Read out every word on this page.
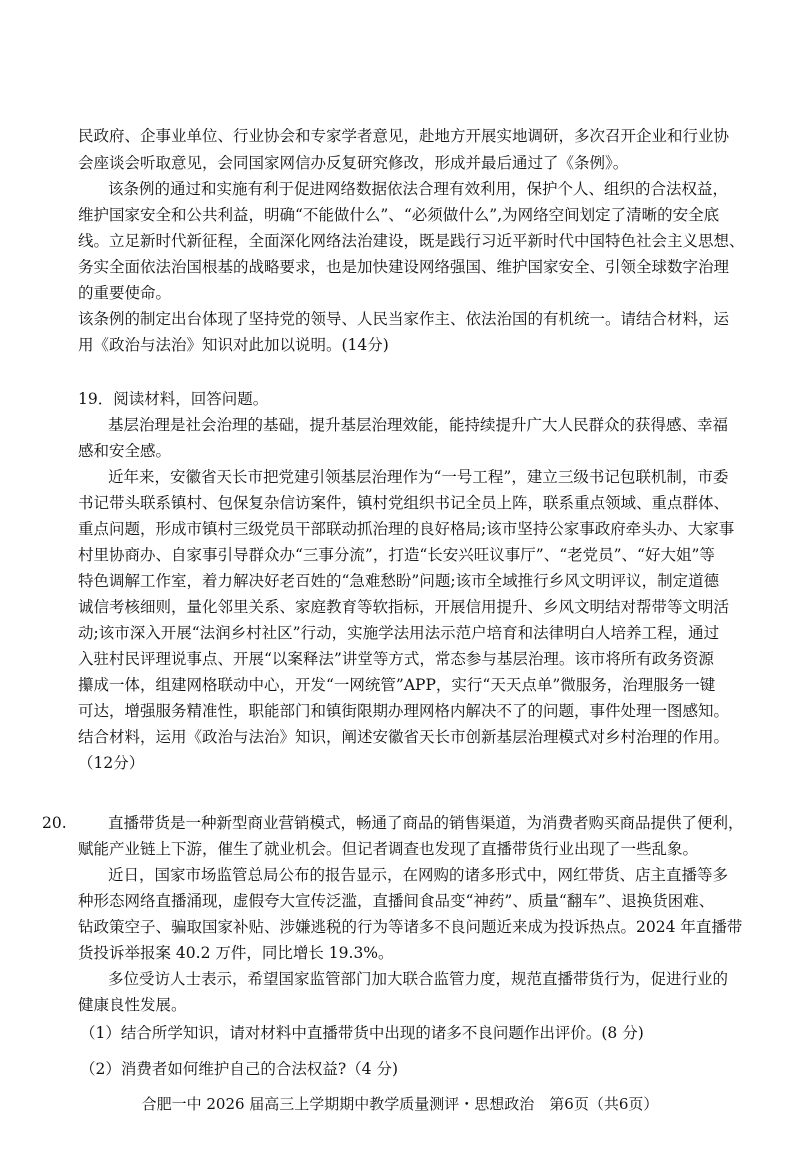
民政府、企事业单位、行业协会和专家学者意见，赴地方开展实地调研，多次召开企业和行业协
会座谈会听取意见，会同国家网信办反复研究修改，形成并最后通过了《条例》。
该条例的通过和实施有利于促进网络数据依法合理有效利用，保护个人、组织的合法权益，
维护国家安全和公共利益，明确“不能做什么”、“必须做什么”,为网络空间划定了清晰的安全底
线。立足新时代新征程，全面深化网络法治建设，既是践行习近平新时代中国特色社会主义思想、
务实全面依法治国根基的战略要求，也是加快建设网络强国、维护国家安全、引领全球数字治理
的重要使命。
该条例的制定出台体现了坚持党的领导、人民当家作主、依法治国的有机统一。请结合材料，运
用《政治与法治》知识对此加以说明。(14分)
19．阅读材料，回答问题。
基层治理是社会治理的基础，提升基层治理效能，能持续提升广大人民群众的获得感、幸福
感和安全感。
近年来，安徽省天长市把党建引领基层治理作为“一号工程”，建立三级书记包联机制，市委
书记带头联系镇村、包保复杂信访案件，镇村党组织书记全员上阵，联系重点领域、重点群体、
重点问题，形成市镇村三级党员干部联动抓治理的良好格局;该市坚持公家事政府牵头办、大家事
村里协商办、自家事引导群众办“三事分流”，打造“长安兴旺议事厅”、“老党员”、“好大姐”等
特色调解工作室，着力解决好老百姓的“急难愁盼”问题;该市全域推行乡风文明评议，制定道德
诚信考核细则，量化邻里关系、家庭教育等软指标，开展信用提升、乡风文明结对帮带等文明活
动;该市深入开展“法润乡村社区”行动，实施学法用法示范户培育和法律明白人培养工程，通过
入驻村民评理说事点、开展“以案释法”讲堂等方式，常态参与基层治理。该市将所有政务资源
攥成一体，组建网格联动中心，开发“一网统管”APP，实行“天天点单”微服务，治理服务一键
可达，增强服务精准性，职能部门和镇街限期办理网格内解决不了的问题，事件处理一图感知。
结合材料，运用《政治与法治》知识，阐述安徽省天长市创新基层治理模式对乡村治理的作用。
（12分）
20.	直播带货是一种新型商业营销模式，畅通了商品的销售渠道，为消费者购买商品提供了便利，
赋能产业链上下游，催生了就业机会。但记者调查也发现了直播带货行业出现了一些乱象。
近日，国家市场监管总局公布的报告显示，在网购的诸多形式中，网红带货、店主直播等多
种形态网络直播涌现，虚假夸大宣传泛滥，直播间食品变“神药”、质量“翻车”、退换货困难、
钻政策空子、骗取国家补贴、涉嫌逃税的行为等诸多不良问题近来成为投诉热点。2024 年直播带
货投诉举报案 40.2 万件，同比增长 19.3%。
多位受访人士表示，希望国家监管部门加大联合监管力度，规范直播带货行为，促进行业的
健康良性发展。
（1）结合所学知识，请对材料中直播带货中出现的诸多不良问题作出评价。(8 分)
（2）消费者如何维护自己的合法权益?（4 分)
合肥一中 2026 届高三上学期期中教学质量测评・思想政治　第6页（共6页）
